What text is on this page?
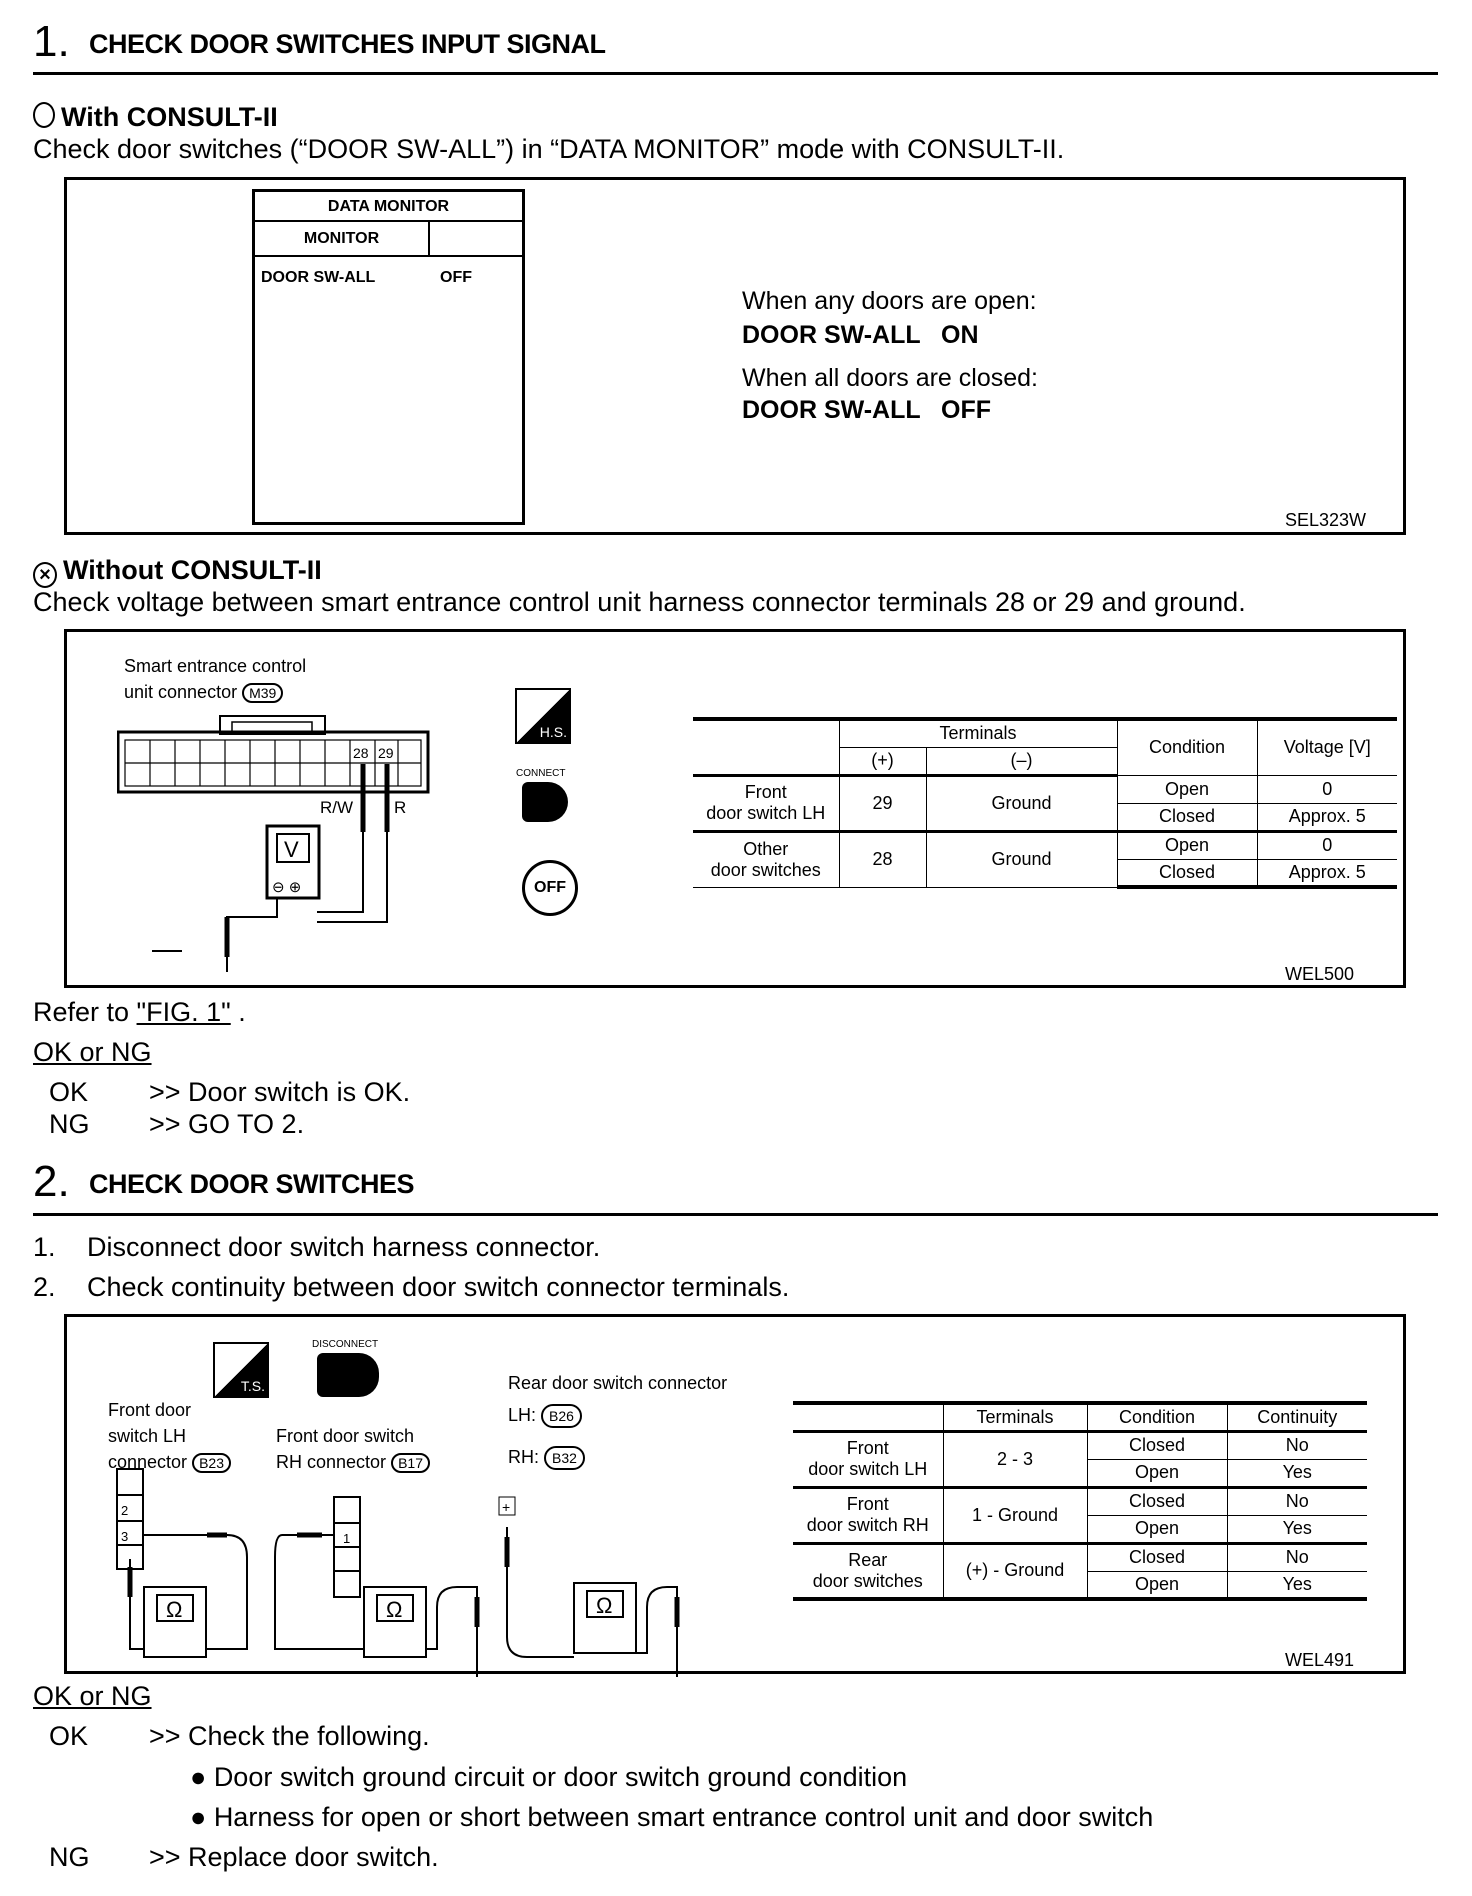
1. CHECK DOOR SWITCHES INPUT SIGNAL
With CONSULT-II
Check door switches (“DOOR SW-ALL”) in “DATA MONITOR” mode with CONSULT-II.
DATA MONITOR
MONITOR
DOOR SW-ALL	OFF
When any doors are open:
DOOR SW-ALL   ON
When all doors are closed:
DOOR SW-ALL   OFF
SEL323W
× Without CONSULT-II
Check voltage between smart entrance control unit harness connector terminals 28 or 29 and ground.
Smart entrance control
unit connector M39
28 29
R/W R
V
⊖ ⊕
H.S.
CONNECT
OFF
	Terminals		Condition	Voltage [V]
	(+)	(–)		
Front
door switch LH	29	Ground	Open	0
			Closed	Approx. 5
Other
door switches	28	Ground	Open	0
			Closed	Approx. 5
WEL500
Refer to "FIG. 1" .
OK or NG
OK >> Door switch is OK.
NG >> GO TO 2.
2. CHECK DOOR SWITCHES
1. Disconnect door switch harness connector.
2. Check continuity between door switch connector terminals.
T.S.
DISCONNECT
Front door
switch LH
connector B23
Front door switch
RH connector B17
Rear door switch connector
LH: B26
RH: B32
2
3	1
Ω	Ω	Ω
+
	Terminals	Condition	Continuity
Front
door switch LH	2 - 3	Closed	No
		Open	Yes
Front
door switch RH	1 - Ground	Closed	No
		Open	Yes
Rear
door switches	(+) - Ground	Closed	No
		Open	Yes
WEL491
OK or NG
OK >> Check the following.
● Door switch ground circuit or door switch ground condition
● Harness for open or short between smart entrance control unit and door switch
NG >> Replace door switch.
